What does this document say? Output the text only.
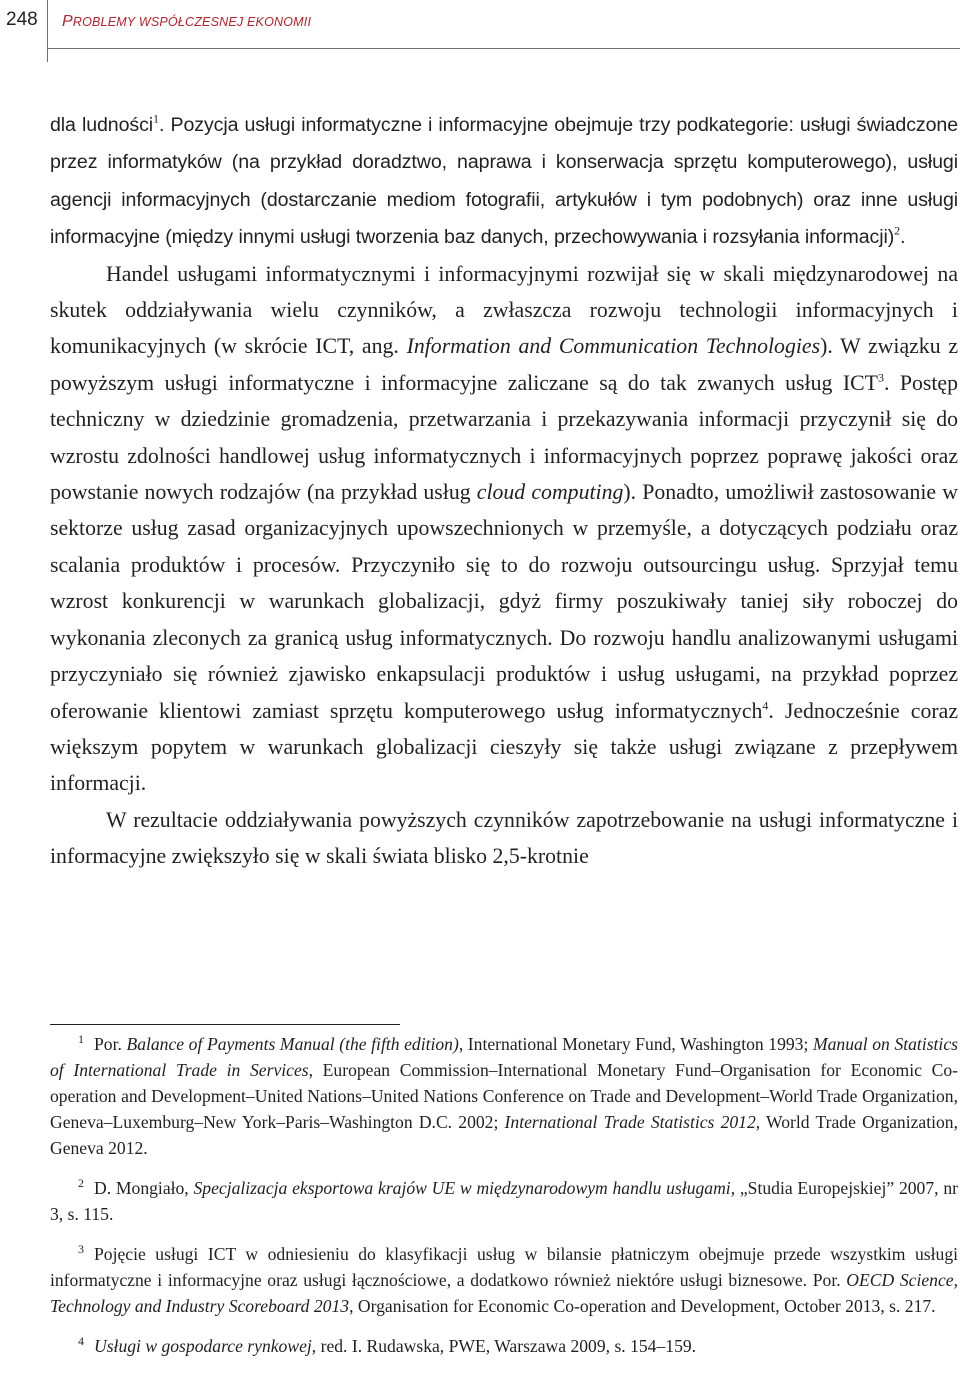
248	PROBLEMY WSPÓŁCZESNEJ EKONOMII

dla ludności$^1$. Pozycja usługi informatyczne i informacyjne obejmuje trzy podkategorie: usługi świadczone przez informatyków (na przykład doradztwo, naprawa i konserwacja sprzętu komputerowego), usługi agencji informacyjnych (dostarczanie mediom fotografii, artykułów i tym podobnych) oraz inne usługi informacyjne (między innymi usługi tworzenia baz danych, przechowywania i rozsyłania informacji)$^2$.

Handel usługami informatycznymi i informacyjnymi rozwijał się w skali międzynarodowej na skutek oddziaływania wielu czynników, a zwłaszcza rozwoju technologii informacyjnych i komunikacyjnych (w skrócie ICT, ang. Information and Communication Technologies). W związku z powyższym usługi informatyczne i informacyjne zaliczane są do tak zwanych usług ICT$^3$. Postęp techniczny w dziedzinie gromadzenia, przetwarzania i przekazywania informacji przyczynił się do wzrostu zdolności handlowej usług informatycznych i informacyjnych poprzez poprawę jakości oraz powstanie nowych rodzajów (na przykład usług cloud computing). Ponadto, umożliwił zastosowanie w sektorze usług zasad organizacyjnych upowszechnionych w przemyśle, a dotyczących podziału oraz scalania produktów i procesów. Przyczyniło się to do rozwoju outsourcingu usług. Sprzyjał temu wzrost konkurencji w warunkach globalizacji, gdyż firmy poszukiwały taniej siły roboczej do wykonania zleconych za granicą usług informatycznych. Do rozwoju handlu analizowanymi usługami przyczyniało się również zjawisko enkapsulacji produktów i usług usługami, na przykład poprzez oferowanie klientowi zamiast sprzętu komputerowego usług informatycznych$^4$. Jednocześnie coraz większym popytem w warunkach globalizacji cieszyły się także usługi związane z przepływem informacji.

W rezultacie oddziaływania powyższych czynników zapotrzebowanie na usługi informatyczne i informacyjne zwiększyło się w skali świata blisko 2,5-krotnie

$^1$ Por. Balance of Payments Manual (the fifth edition), International Monetary Fund, Washington 1993; Manual on Statistics of International Trade in Services, European Commission–International Monetary Fund–Organisation for Economic Co-operation and Development–United Nations–United Nations Conference on Trade and Development–World Trade Organization, Geneva–Luxemburg–New York–Paris–Washington D.C. 2002; International Trade Statistics 2012, World Trade Organization, Geneva 2012.

$^2$ D. Mongiało, Specjalizacja eksportowa krajów UE w międzynarodowym handlu usługami, „Studia Europejskiej” 2007, nr 3, s. 115.

$^3$ Pojęcie usługi ICT w odniesieniu do klasyfikacji usług w bilansie płatniczym obejmuje przede wszystkim usługi informatyczne i informacyjne oraz usługi łącznościowe, a dodatkowo również niektóre usługi biznesowe. Por. OECD Science, Technology and Industry Scoreboard 2013, Organisation for Economic Co-operation and Development, October 2013, s. 217.

$^4$ Usługi w gospodarce rynkowej, red. I. Rudawska, PWE, Warszawa 2009, s. 154–159.
